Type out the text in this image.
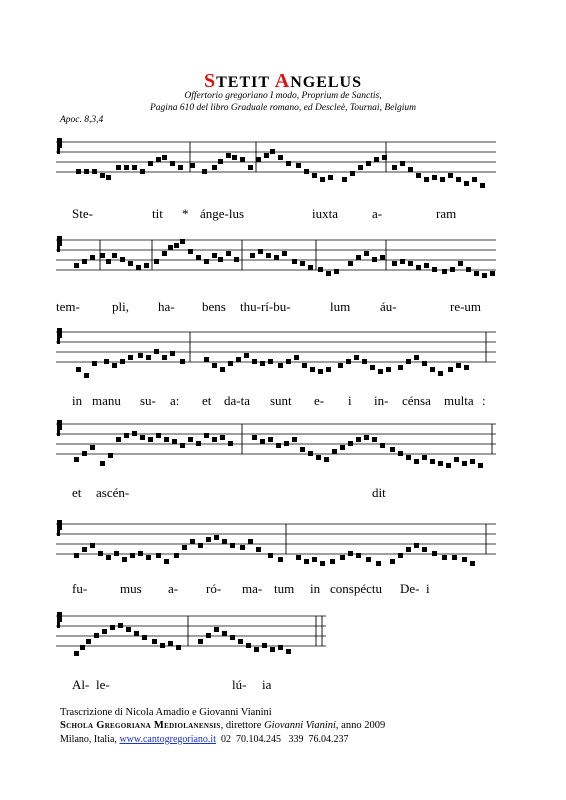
STETIT ANGELUS
Offertorio gregoriano I modo, Proprium de Sanctis,
Pagina 610 del libro Graduale romano, ed Descleè, Tournai, Belgium
Apoc. 8,3,4
Ste-	tit * ánge-lus	iuxta	a-	ram
tem- pli, ha- bens thu-rí-bu-	lum áu-	re-um
in manu su- a: et da-ta sunt e- i in- cénsa multa :
et ascén-	dit
fu-	mus a- ró- ma- tum in conspéctu De- i
Al- le-	lú- ia
Trascrizione di Nicola Amadio e Giovanni Vianini
Schola Gregoriana Mediolanensis, direttore Giovanni Vianini, anno 2009
Milano, Italia, www.cantogregoriano.it  02  70.104.245   339  76.04.237
